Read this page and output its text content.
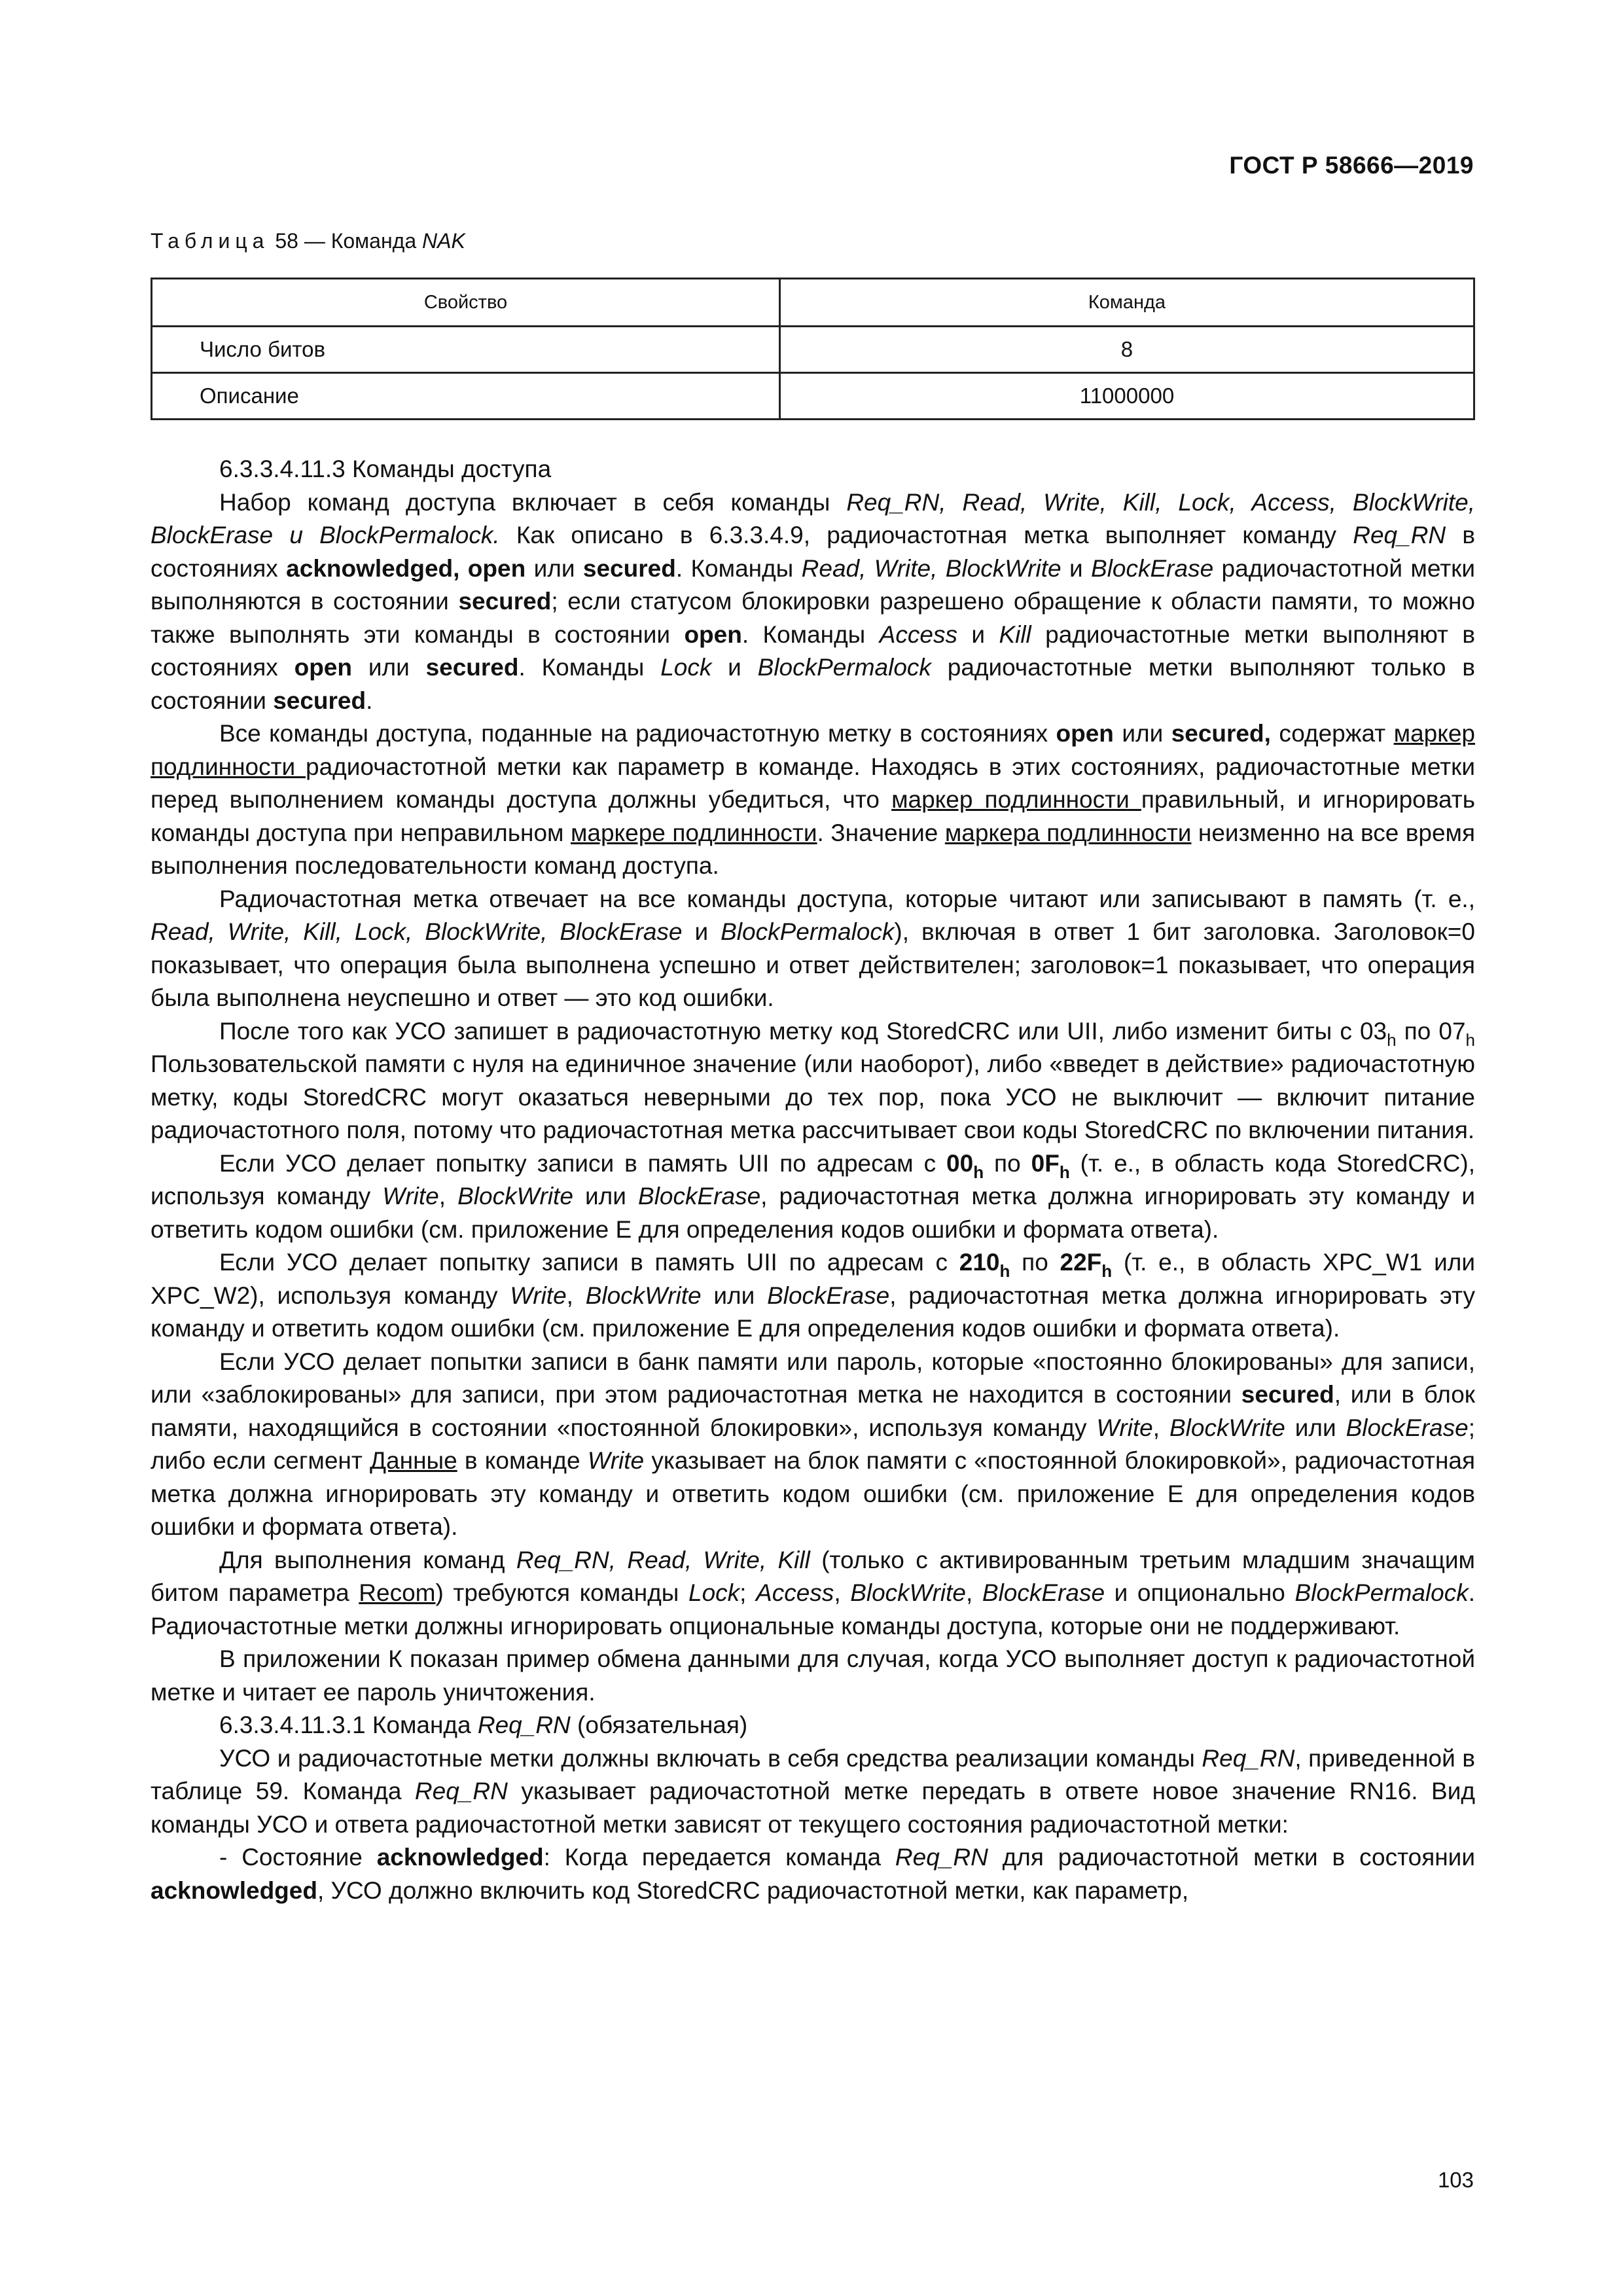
ГОСТ Р 58666—2019
Таблица 58 — Команда NAK
Свойство	Команда
Число битов	8
Описание	11000000

6.3.3.4.11.3 Команды доступа

Набор команд доступа включает в себя команды Req_RN, Read, Write, Kill, Lock, Access, BlockWrite, BlockErase и BlockPermalock. Как описано в 6.3.3.4.9, радиочастотная метка выполняет команду Req_RN в состояниях acknowledged, open или secured. Команды Read, Write, BlockWrite и BlockErase радиочастотной метки выполняются в состоянии secured; если статусом блокировки разрешено обращение к области памяти, то можно также выполнять эти команды в состоянии open. Команды Access и Kill радиочастотные метки выполняют в состояниях open или secured. Команды Lock и BlockPermalock радиочастотные метки выполняют только в состоянии secured.

Все команды доступа, поданные на радиочастотную метку в состояниях open или secured, содержат маркер подлинности радиочастотной метки как параметр в команде. Находясь в этих состояниях, радиочастотные метки перед выполнением команды доступа должны убедиться, что маркер подлинности правильный, и игнорировать команды доступа при неправильном маркере подлинности. Значение маркера подлинности неизменно на все время выполнения последовательности команд доступа.

Радиочастотная метка отвечает на все команды доступа, которые читают или записывают в память (т. е., Read, Write, Kill, Lock, BlockWrite, BlockErase и BlockPermalock), включая в ответ 1 бит заголовка. Заголовок=0 показывает, что операция была выполнена успешно и ответ действителен; заголовок=1 показывает, что операция была выполнена неуспешно и ответ — это код ошибки.

После того как УСО запишет в радиочастотную метку код StoredCRC или UII, либо изменит биты с $03_h$ по $07_h$ Пользовательской памяти с нуля на единичное значение (или наоборот), либо «введет в действие» радиочастотную метку, коды StoredCRC могут оказаться неверными до тех пор, пока УСО не выключит — включит питание радиочастотного поля, потому что радиочастотная метка рассчитывает свои коды StoredCRC по включении питания.

Если УСО делает попытку записи в память UII по адресам с $00_h$ по $0F_h$ (т. е., в область кода StoredCRC), используя команду Write, BlockWrite или BlockErase, радиочастотная метка должна игнорировать эту команду и ответить кодом ошибки (см. приложение Е для определения кодов ошибки и формата ответа).

Если УСО делает попытку записи в память UII по адресам с $210_h$ по $22F_h$ (т. е., в область XPC_W1 или XPC_W2), используя команду Write, BlockWrite или BlockErase, радиочастотная метка должна игнорировать эту команду и ответить кодом ошибки (см. приложение Е для определения кодов ошибки и формата ответа).

Если УСО делает попытки записи в банк памяти или пароль, которые «постоянно блокированы» для записи, или «заблокированы» для записи, при этом радиочастотная метка не находится в состоянии secured, или в блок памяти, находящийся в состоянии «постоянной блокировки», используя команду Write, BlockWrite или BlockErase; либо если сегмент Данные в команде Write указывает на блок памяти с «постоянной блокировкой», радиочастотная метка должна игнорировать эту команду и ответить кодом ошибки (см. приложение Е для определения кодов ошибки и формата ответа).

Для выполнения команд Req_RN, Read, Write, Kill (только с активированным третьим младшим значащим битом параметра Recom) требуются команды Lock; Access, BlockWrite, BlockErase и опционально BlockPermalock. Радиочастотные метки должны игнорировать опциональные команды доступа, которые они не поддерживают.

В приложении К показан пример обмена данными для случая, когда УСО выполняет доступ к радиочастотной метке и читает ее пароль уничтожения.

6.3.3.4.11.3.1 Команда Req_RN (обязательная)

УСО и радиочастотные метки должны включать в себя средства реализации команды Req_RN, приведенной в таблице 59. Команда Req_RN указывает радиочастотной метке передать в ответе новое значение RN16. Вид команды УСО и ответа радиочастотной метки зависят от текущего состояния радиочастотной метки:

- Состояние acknowledged: Когда передается команда Req_RN для радиочастотной метки в состоянии acknowledged, УСО должно включить код StoredCRC радиочастотной метки, как параметр,

103
